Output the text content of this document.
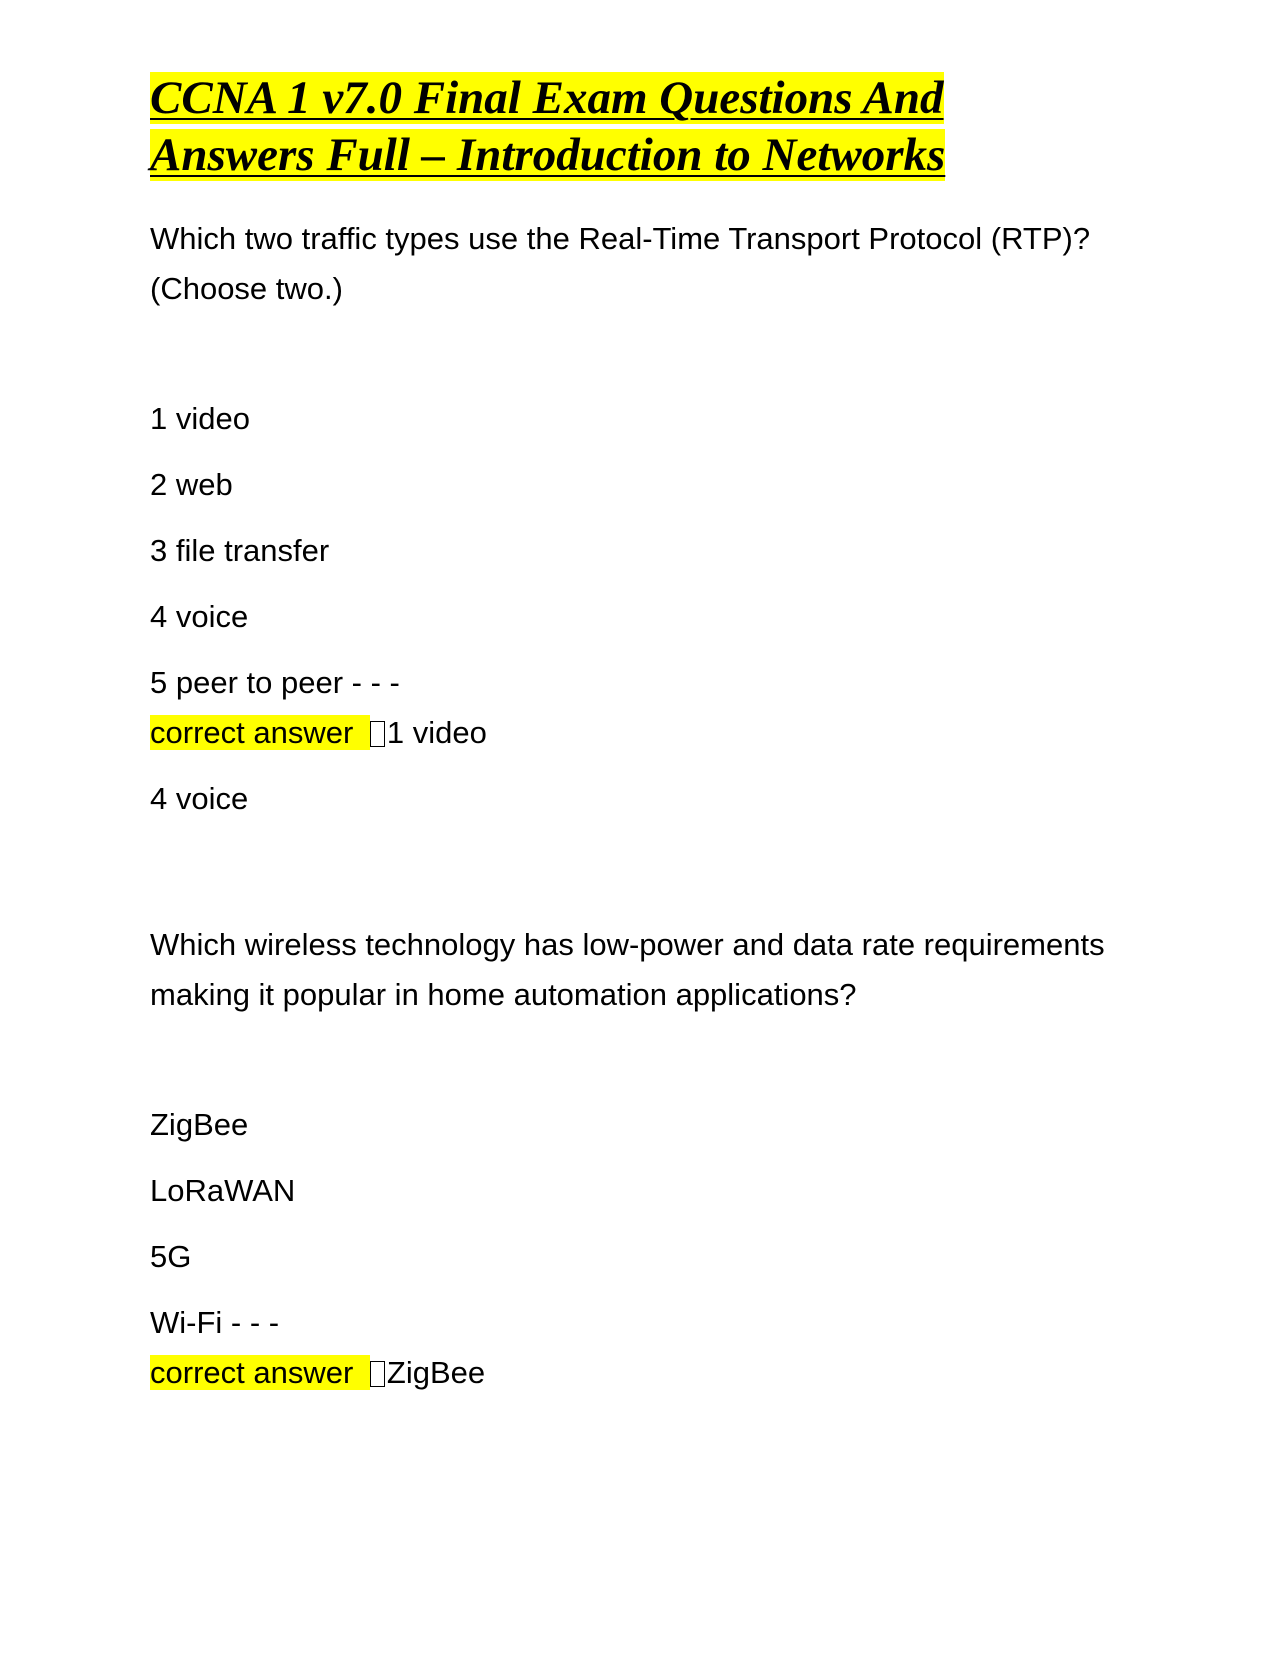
CCNA 1 v7.0 Final Exam Questions And
Answers Full – Introduction to Networks

Which two traffic types use the Real-Time Transport Protocol (RTP)? (Choose two.)

1 video

2 web

3 file transfer

4 voice

5 peer to peer - - -

correct answer 1 video

4 voice

Which wireless technology has low-power and data rate requirements making it popular in home automation applications?

ZigBee

LoRaWAN

5G

Wi-Fi - - -

correct answer ZigBee
